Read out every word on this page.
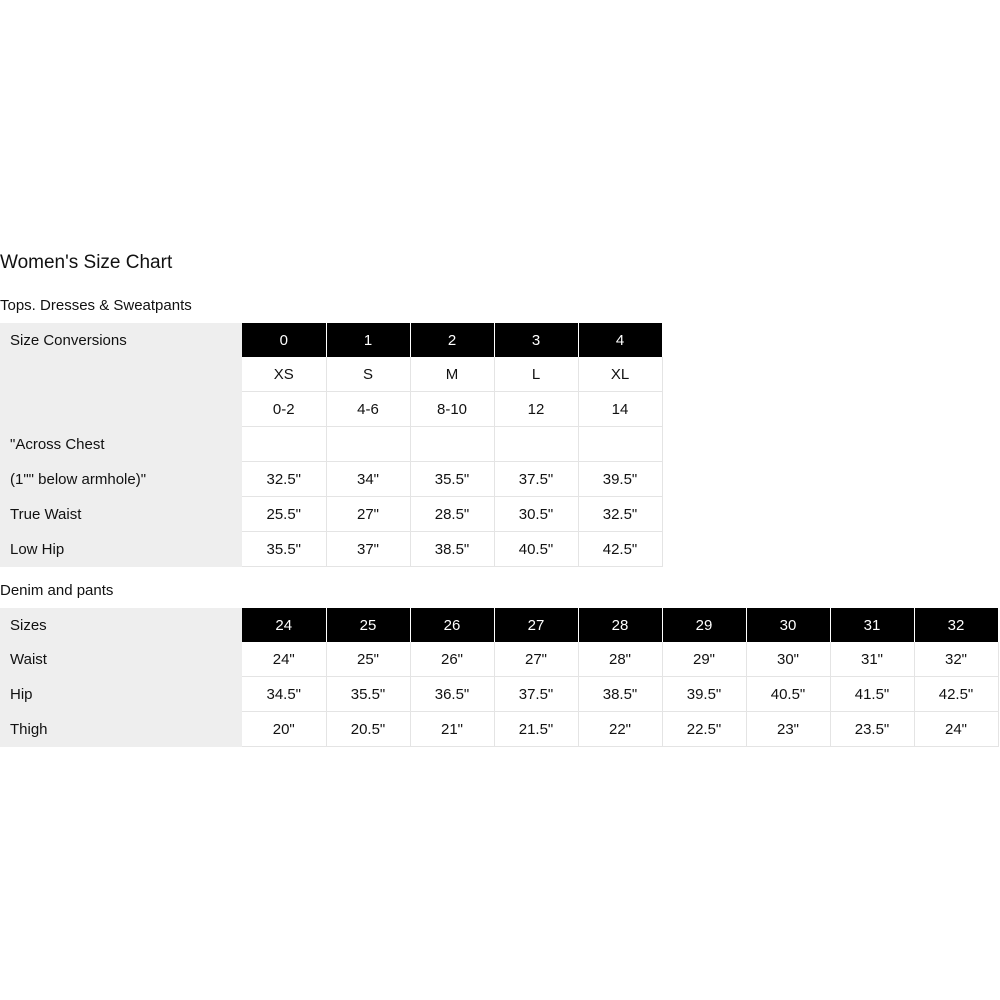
Women's Size Chart
Tops. Dresses & Sweatpants
Size Conversions	0	1	2	3	4
	XS	S	M	L	XL
	0-2	4-6	8-10	12	14
"Across Chest					
(1"" below armhole)"	32.5"	34"	35.5"	37.5"	39.5"
True Waist	25.5"	27"	28.5"	30.5"	32.5"
Low Hip	35.5"	37"	38.5"	40.5"	42.5"
Denim and pants
Sizes	24	25	26	27	28	29	30	31	32
Waist	24"	25"	26"	27"	28"	29"	30"	31"	32"
Hip	34.5"	35.5"	36.5"	37.5"	38.5"	39.5"	40.5"	41.5"	42.5"
Thigh	20"	20.5"	21"	21.5"	22"	22.5"	23"	23.5"	24"
